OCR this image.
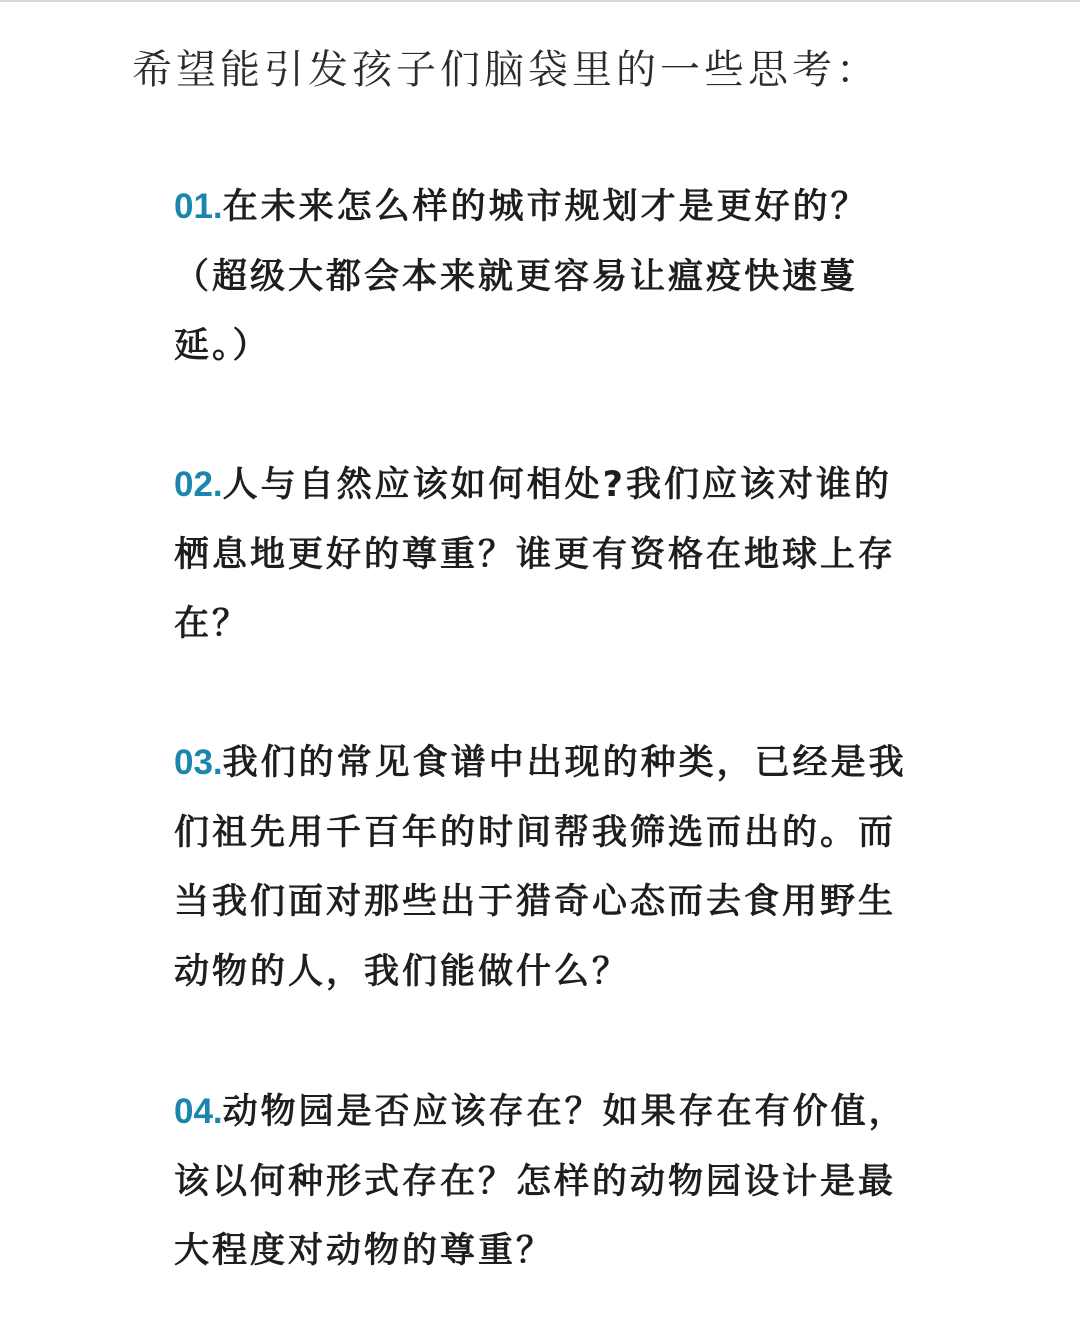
希望能引发孩子们脑袋里的一些思考：

01.在未来怎么样的城市规划才是更好的？（超级大都会本来就更容易让瘟疫快速蔓延。）

02.人与自然应该如何相处?我们应该对谁的栖息地更好的尊重？谁更有资格在地球上存在？

03.我们的常见食谱中出现的种类，已经是我们祖先用千百年的时间帮我筛选而出的。而当我们面对那些出于猎奇心态而去食用野生动物的人，我们能做什么？

04.动物园是否应该存在？如果存在有价值，该以何种形式存在？怎样的动物园设计是最大程度对动物的尊重？
